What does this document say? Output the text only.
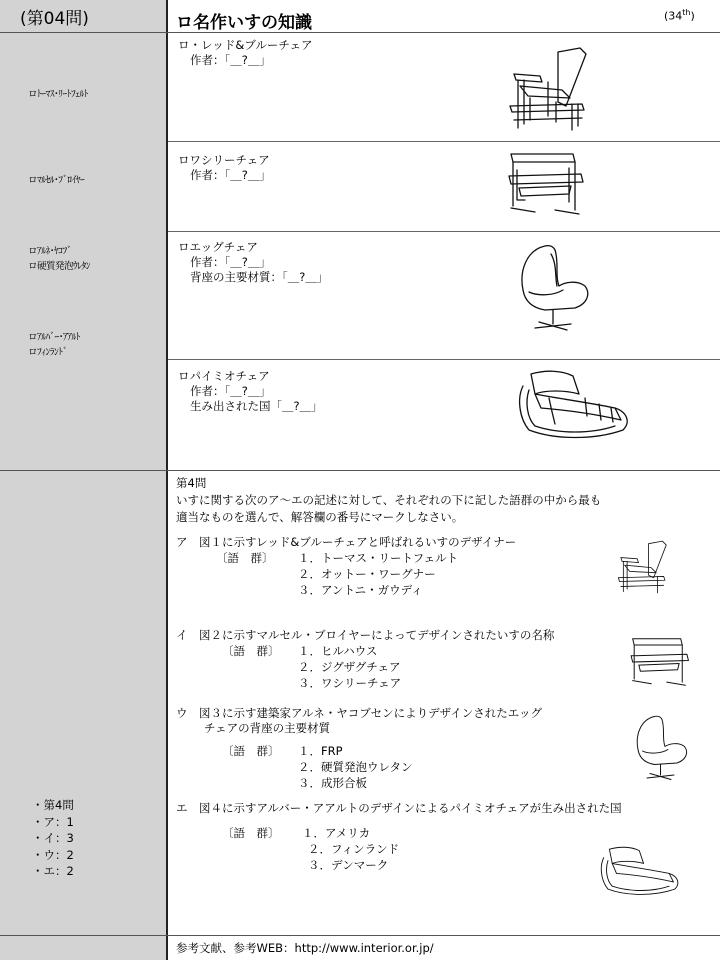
(第04問)	ロ名作いすの知識	(34th)
ロﾄｰﾏｽ･ﾘｰﾄﾌｪﾙﾄ
ロﾏﾙｾﾙ･ﾌﾞﾛｲﾔｰ
ロｱﾙﾈ･ﾔｺﾌﾞ
ロ硬質発泡ｳﾚﾀﾝ
ロｱﾙﾊﾞｰ･ｱｱﾙﾄ
ロﾌｨﾝﾗﾝﾄﾞ
・第4問
・ア：1
・イ：3
・ウ：2
・エ：2
ロ・レッド&ブルーチェア
作者：「＿?＿」
ロワシリーチェア
作者：「＿?＿」
ロエッグチェア
作者：「＿?＿」
背座の主要材質：「＿?＿」
ロパイミオチェア
作者：「＿?＿」
生み出された国「＿?＿」
第4問
いすに関する次のア～エの記述に対して、それぞれの下に記した語群の中から最も
適当なものを選んで、解答欄の番号にマークしなさい。
ア　図１に示すレッド&ブルーチェアと呼ばれるいすのデザイナー
〔語　群〕 １．トーマス・リートフェルト
２．オットー・ワーグナー
３．アントニ・ガウディ
イ　図２に示すマルセル・ブロイヤーによってデザインされたいすの名称
〔語　群〕 １．ヒルハウス
２．ジグザグチェア
３．ワシリーチェア
ウ　図３に示す建築家アルネ・ヤコブセンによりデザインされたエッグ
チェアの背座の主要材質
〔語　群〕 １．FRP
２．硬質発泡ウレタン
３．成形合板
エ　図４に示すアルバー・アアルトのデザインによるパイミオチェアが生み出された国
〔語　群〕 １．アメリカ
２．フィンランド
３．デンマーク
参考文献、参考WEB：http://www.interior.or.jp/
